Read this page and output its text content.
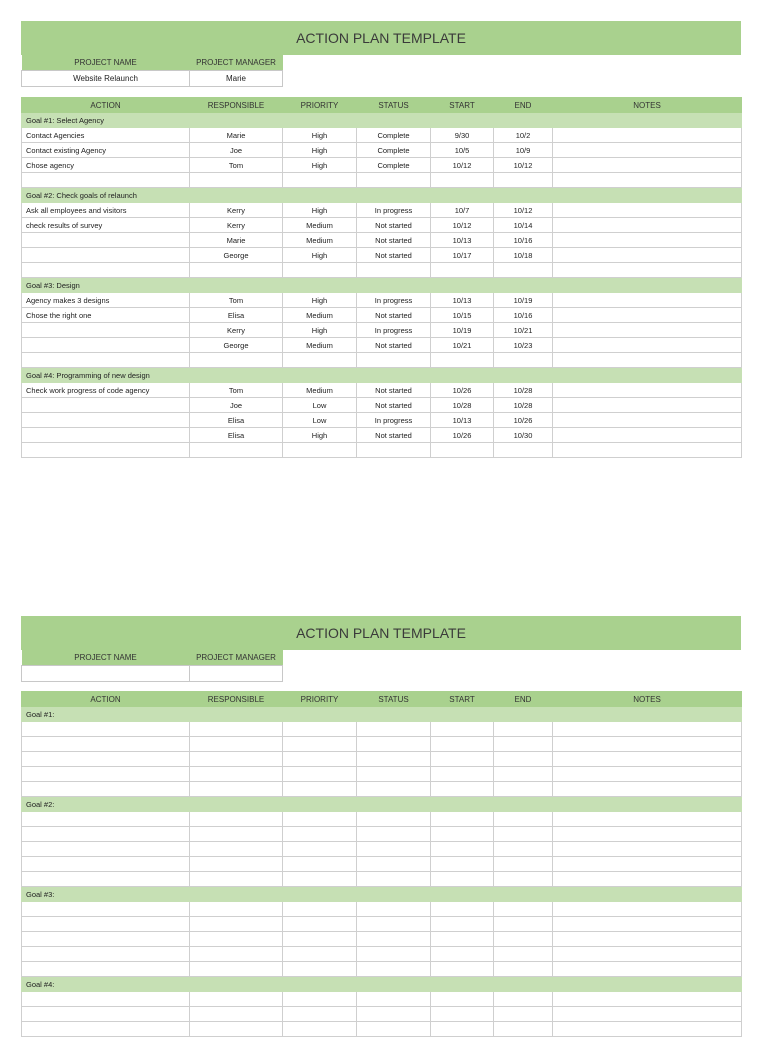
ACTION PLAN TEMPLATE
PROJECT NAME	PROJECT MANAGER
Website Relaunch	Marie
ACTION	RESPONSIBLE	PRIORITY	STATUS	START	END	NOTES
Goal #1: Select Agency						
Contact Agencies	Marie	High	Complete	9/30	10/2	
Contact existing Agency	Joe	High	Complete	10/5	10/9	
Chose agency	Tom	High	Complete	10/12	10/12	

Goal #2: Check goals of relaunch						
Ask all employees and visitors	Kerry	High	In progress	10/7	10/12	
check results of survey	Kerry	Medium	Not started	10/12	10/14	
	Marie	Medium	Not started	10/13	10/16	
	George	High	Not started	10/17	10/18	

Goal #3: Design						
Agency makes 3 designs	Tom	High	In progress	10/13	10/19	
Chose the right one	Elisa	Medium	Not started	10/15	10/16	
	Kerry	High	In progress	10/19	10/21	
	George	Medium	Not started	10/21	10/23	

Goal #4: Programming of new design						
Check work progress of code agency	Tom	Medium	Not started	10/26	10/28	
	Joe	Low	Not started	10/28	10/28	
	Elisa	Low	In progress	10/13	10/26	
	Elisa	High	Not started	10/26	10/30	

ACTION PLAN TEMPLATE
PROJECT NAME	PROJECT MANAGER

ACTION	RESPONSIBLE	PRIORITY	STATUS	START	END	NOTES
Goal #1:						

Goal #2:						

Goal #3:						

Goal #4:						
